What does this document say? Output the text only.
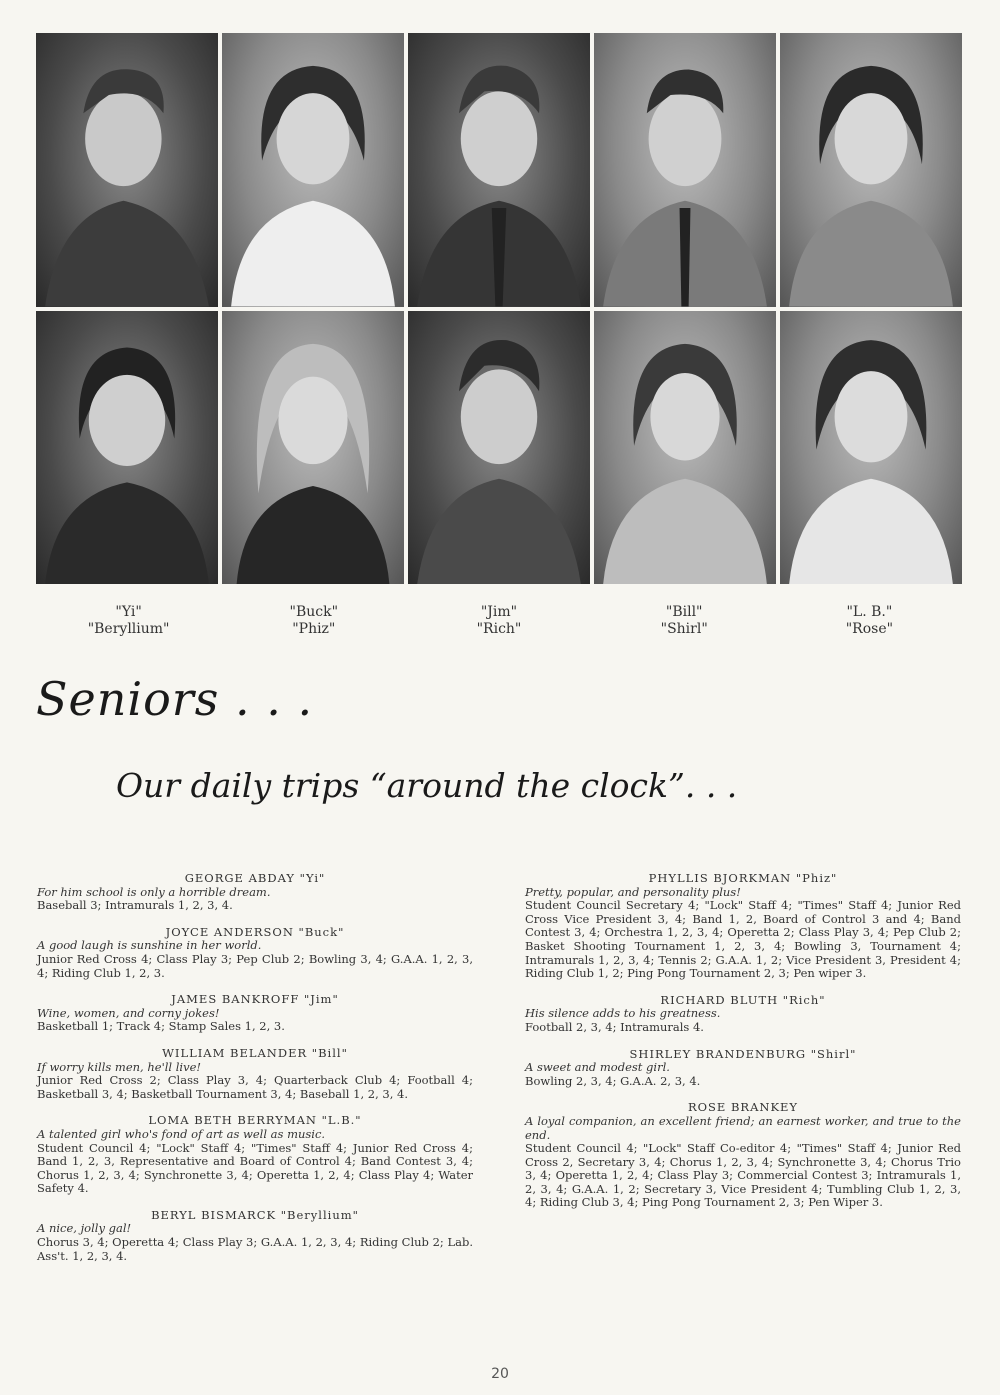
"Yi"
"Beryllium"
"Buck"
"Phiz"
"Jim"
"Rich"
"Bill"
"Shirl"
"L. B."
"Rose"
Seniors . . .
Our daily trips “around the clock”. . .
GEORGE ABDAY "Yi"
For him school is only a horrible dream.
Baseball 3; Intramurals 1, 2, 3, 4.
JOYCE ANDERSON "Buck"
A good laugh is sunshine in her world.
Junior Red Cross 4; Class Play 3; Pep Club 2; Bowling 3, 4; G.A.A. 1, 2, 3, 4; Riding Club 1, 2, 3.
JAMES BANKROFF "Jim"
Wine, women, and corny jokes!
Basketball 1; Track 4; Stamp Sales 1, 2, 3.
WILLIAM BELANDER "Bill"
If worry kills men, he'll live!
Junior Red Cross 2; Class Play 3, 4; Quarterback Club 4; Football 4; Basketball 3, 4; Basketball Tournament 3, 4; Baseball 1, 2, 3, 4.
LOMA BETH BERRYMAN "L.B."
A talented girl who's fond of art as well as music.
Student Council 4; "Lock" Staff 4; "Times" Staff 4; Junior Red Cross 4; Band 1, 2, 3, Representative and Board of Control 4; Band Contest 3, 4; Chorus 1, 2, 3, 4; Synchronette 3, 4; Operetta 1, 2, 4; Class Play 4; Water Safety 4.
BERYL BISMARCK "Beryllium"
A nice, jolly gal!
Chorus 3, 4; Operetta 4; Class Play 3; G.A.A. 1, 2, 3, 4; Riding Club 2; Lab. Ass't. 1, 2, 3, 4.
PHYLLIS BJORKMAN "Phiz"
Pretty, popular, and personality plus!
Student Council Secretary 4; "Lock" Staff 4; "Times" Staff 4; Junior Red Cross Vice President 3, 4; Band 1, 2, Board of Control 3 and 4; Band Contest 3, 4; Orchestra 1, 2, 3, 4; Operetta 2; Class Play 3, 4; Pep Club 2; Basket Shooting Tournament 1, 2, 3, 4; Bowling 3, Tournament 4; Intramurals 1, 2, 3, 4; Tennis 2; G.A.A. 1, 2; Vice President 3, President 4; Riding Club 1, 2; Ping Pong Tournament 2, 3; Pen wiper 3.
RICHARD BLUTH "Rich"
His silence adds to his greatness.
Football 2, 3, 4; Intramurals 4.
SHIRLEY BRANDENBURG "Shirl"
A sweet and modest girl.
Bowling 2, 3, 4; G.A.A. 2, 3, 4.
ROSE BRANKEY
A loyal companion, an excellent friend; an earnest worker, and true to the end.
Student Council 4; "Lock" Staff Co-editor 4; "Times" Staff 4; Junior Red Cross 2, Secretary 3, 4; Chorus 1, 2, 3, 4; Synchronette 3, 4; Chorus Trio 3, 4; Operetta 1, 2, 4; Class Play 3; Commercial Contest 3; Intramurals 1, 2, 3, 4; G.A.A. 1, 2; Secretary 3, Vice President 4; Tumbling Club 1, 2, 3, 4; Riding Club 3, 4; Ping Pong Tournament 2, 3; Pen Wiper 3.
20
